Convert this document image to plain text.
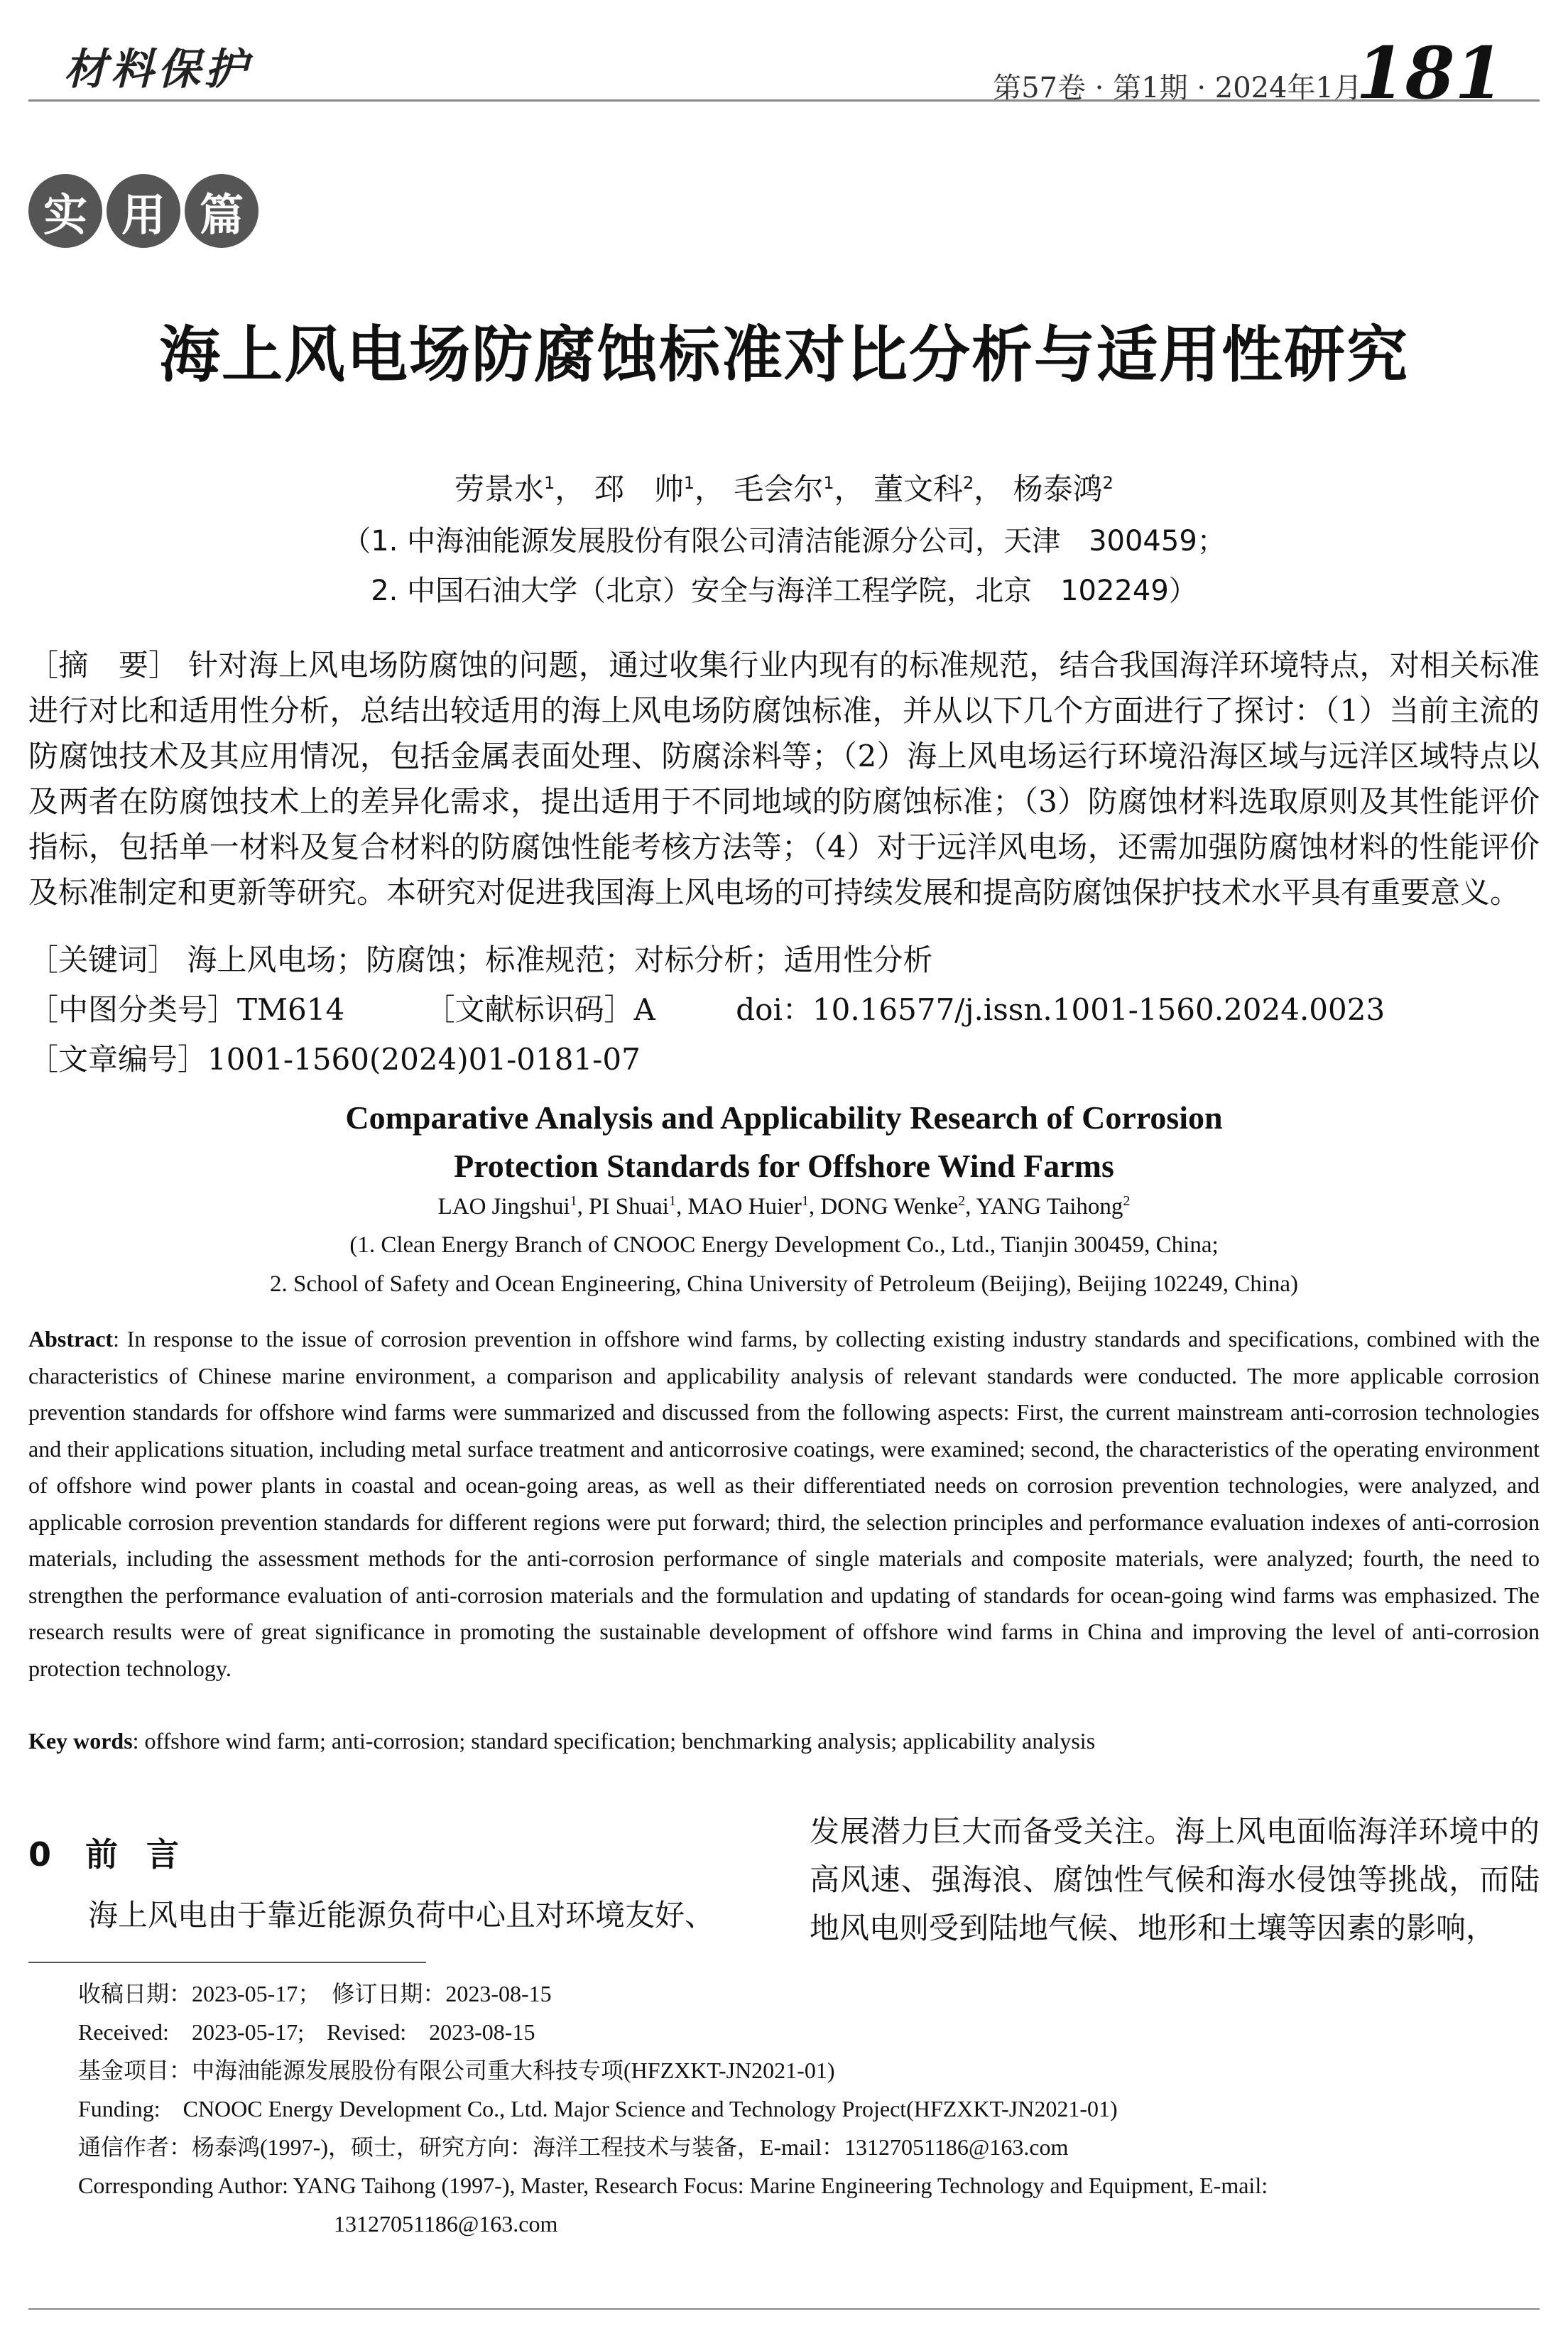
材料保护	第57卷 · 第1期 · 2024年1月
181
实 用 篇
海上风电场防腐蚀标准对比分析与适用性研究
劳景水$^1$， 邳　帅$^1$， 毛会尔$^1$， 董文科$^2$， 杨泰鸿$^2$
（1. 中海油能源发展股份有限公司清洁能源分公司，天津　300459；
2. 中国石油大学（北京）安全与海洋工程学院，北京　102249）
［摘　要］ 针对海上风电场防腐蚀的问题，通过收集行业内现有的标准规范，结合我国海洋环境特点，对相关标准进行对比和适用性分析，总结出较适用的海上风电场防腐蚀标准，并从以下几个方面进行了探讨：（1）当前主流的防腐蚀技术及其应用情况，包括金属表面处理、防腐涂料等；（2）海上风电场运行环境沿海区域与远洋区域特点以及两者在防腐蚀技术上的差异化需求，提出适用于不同地域的防腐蚀标准；（3）防腐蚀材料选取原则及其性能评价指标，包括单一材料及复合材料的防腐蚀性能考核方法等；（4）对于远洋风电场，还需加强防腐蚀材料的性能评价及标准制定和更新等研究。本研究对促进我国海上风电场的可持续发展和提高防腐蚀保护技术水平具有重要意义。
［关键词］ 海上风电场；防腐蚀；标准规范；对标分析；适用性分析
［中图分类号］TM614	［文献标识码］A	doi：10.16577/j.issn.1001-1560.2024.0023
［文章编号］1001-1560(2024)01-0181-07
Comparative Analysis and Applicability Research of Corrosion
Protection Standards for Offshore Wind Farms
LAO Jingshui$^1$, PI Shuai$^1$, MAO Huier$^1$, DONG Wenke$^2$, YANG Taihong$^2$
(1. Clean Energy Branch of CNOOC Energy Development Co., Ltd., Tianjin 300459, China;
2. School of Safety and Ocean Engineering, China University of Petroleum (Beijing), Beijing 102249, China)
Abstract: In response to the issue of corrosion prevention in offshore wind farms, by collecting existing industry standards and specifications, combined with the characteristics of Chinese marine environment, a comparison and applicability analysis of relevant standards were conducted. The more applicable corrosion prevention standards for offshore wind farms were summarized and discussed from the following aspects: First, the current mainstream anti-corrosion technologies and their applications situation, including metal surface treatment and anticorrosive coatings, were examined; second, the characteristics of the operating environment of offshore wind power plants in coastal and ocean-going areas, as well as their differentiated needs on corrosion prevention technologies, were analyzed, and applicable corrosion prevention standards for different regions were put forward; third, the selection principles and performance evaluation indexes of anti-corrosion materials, including the assessment methods for the anti-corrosion performance of single materials and composite materials, were analyzed; fourth, the need to strengthen the performance evaluation of anti-corrosion materials and the formulation and updating of standards for ocean-going wind farms was emphasized. The research results were of great significance in promoting the sustainable development of offshore wind farms in China and improving the level of anti-corrosion protection technology.
Key words: offshore wind farm; anti-corrosion; standard specification; benchmarking analysis; applicability analysis
0 前言
海上风电由于靠近能源负荷中心且对环境友好、
发展潜力巨大而备受关注。海上风电面临海洋环境中的高风速、强海浪、腐蚀性气候和海水侵蚀等挑战，而陆地风电则受到陆地气候、地形和土壤等因素的影响，
收稿日期：2023-05-17；　修订日期：2023-08-15
Received:　2023-05-17;　Revised:　2023-08-15
基金项目：中海油能源发展股份有限公司重大科技专项(HFZXKT-JN2021-01)
Funding:　CNOOC Energy Development Co., Ltd. Major Science and Technology Project(HFZXKT-JN2021-01)
通信作者：杨泰鸿(1997-)，硕士，研究方向：海洋工程技术与装备，E-mail：13127051186@163.com
Corresponding Author: YANG Taihong (1997-), Master, Research Focus: Marine Engineering Technology and Equipment, E-mail:
13127051186@163.com
